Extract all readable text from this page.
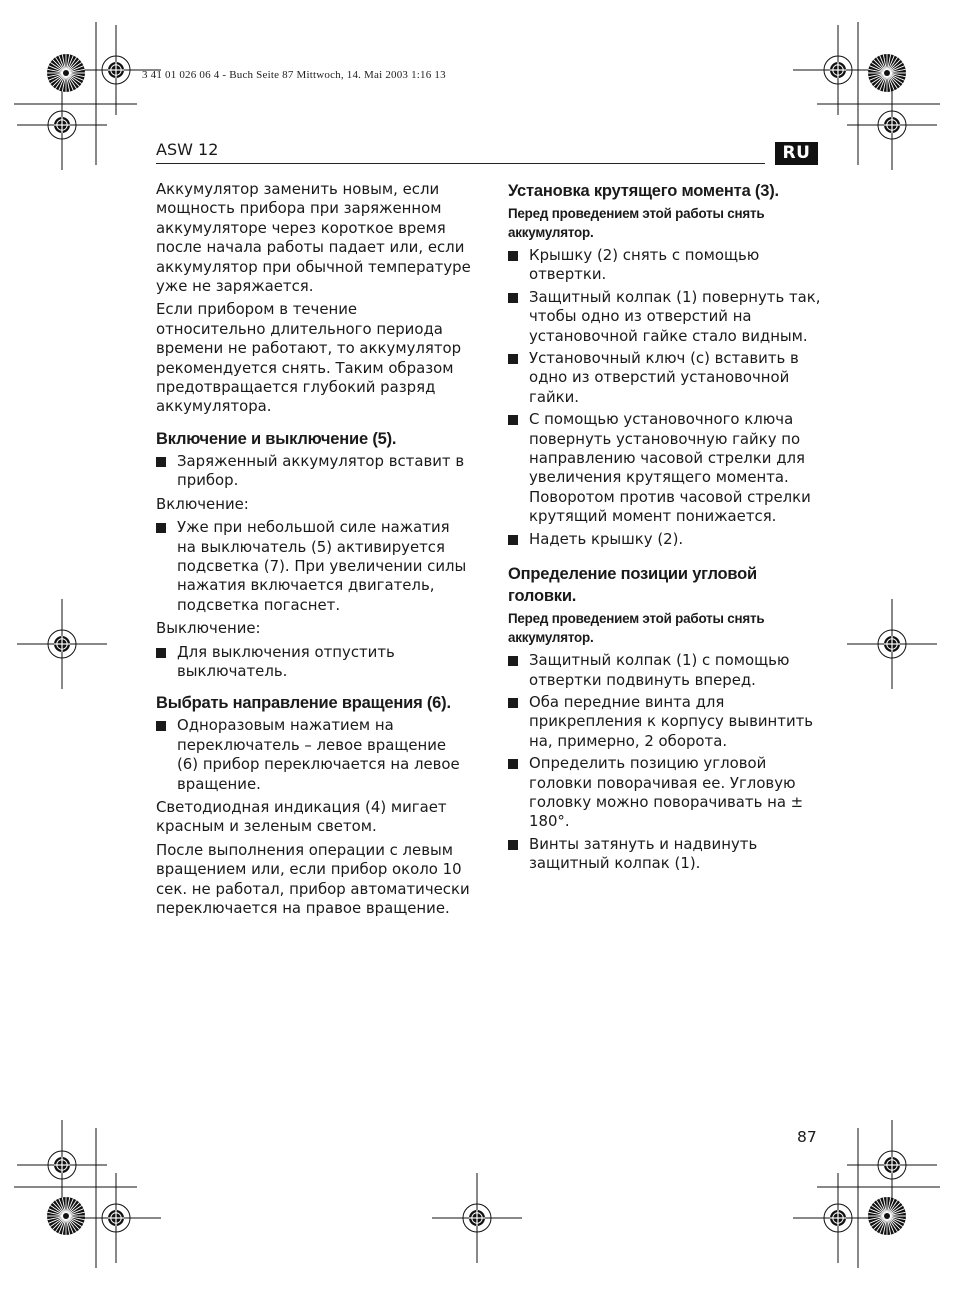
3 41 01 026 06 4 - Buch Seite 87 Mittwoch, 14. Mai 2003 1:16 13
ASW 12	RU

Аккумулятор заменить новым, если мощность прибора при заряженном аккумуляторе через короткое время после начала работы падает или, если аккумулятор при обычной температуре уже не заряжается.

Если прибором в течение относительно длительного периода времени не работают, то аккумулятор рекомендуется снять. Таким образом предотвращается глубокий разряд аккумулятора.

Включение и выключение (5).
Заряженный аккумулятор вставит в прибор.

Включение:

Уже при небольшой силе нажатия на выключатель (5) активируется подсветка (7). При увеличении силы нажатия включается двигатель, подсветка погаснет.

Выключение:

Для выключения отпустить выключатель.
Выбрать направление вращения (6).
Одноразовым нажатием на переключатель – левое вращение (6) прибор переключается на левое вращение.

Светодиодная индикация (4) мигает красным и зеленым светом.

После выполнения операции с левым вращением или, если прибор около 10 сек. не работал, прибор автоматически переключается на правое вращение.

Установка крутящего момента (3).

Перед проведением этой работы снять аккумулятор.

Крышку (2) снять с помощью отвертки.
Защитный колпак (1) повернуть так, чтобы одно из отверстий на установочной гайке стало видным.
Установочный ключ (c) вставить в одно из отверстий установочной гайки.
С помощью установочного ключа повернуть установочную гайку по направлению часовой стрелки для увеличения крутящего момента. Поворотом против часовой стрелки крутящий момент понижается.
Надеть крышку (2).
Определение позиции угловой головки.

Перед проведением этой работы снять аккумулятор.

Защитный колпак (1) с помощью отвертки подвинуть вперед.
Оба передние винта для прикрепления к корпусу вывинтить на, примерно, 2 оборота.
Определить позицию угловой головки поворачивая ее. Угловую головку можно поворачивать на ± 180°.
Винты затянуть и надвинуть защитный колпак (1).
87
